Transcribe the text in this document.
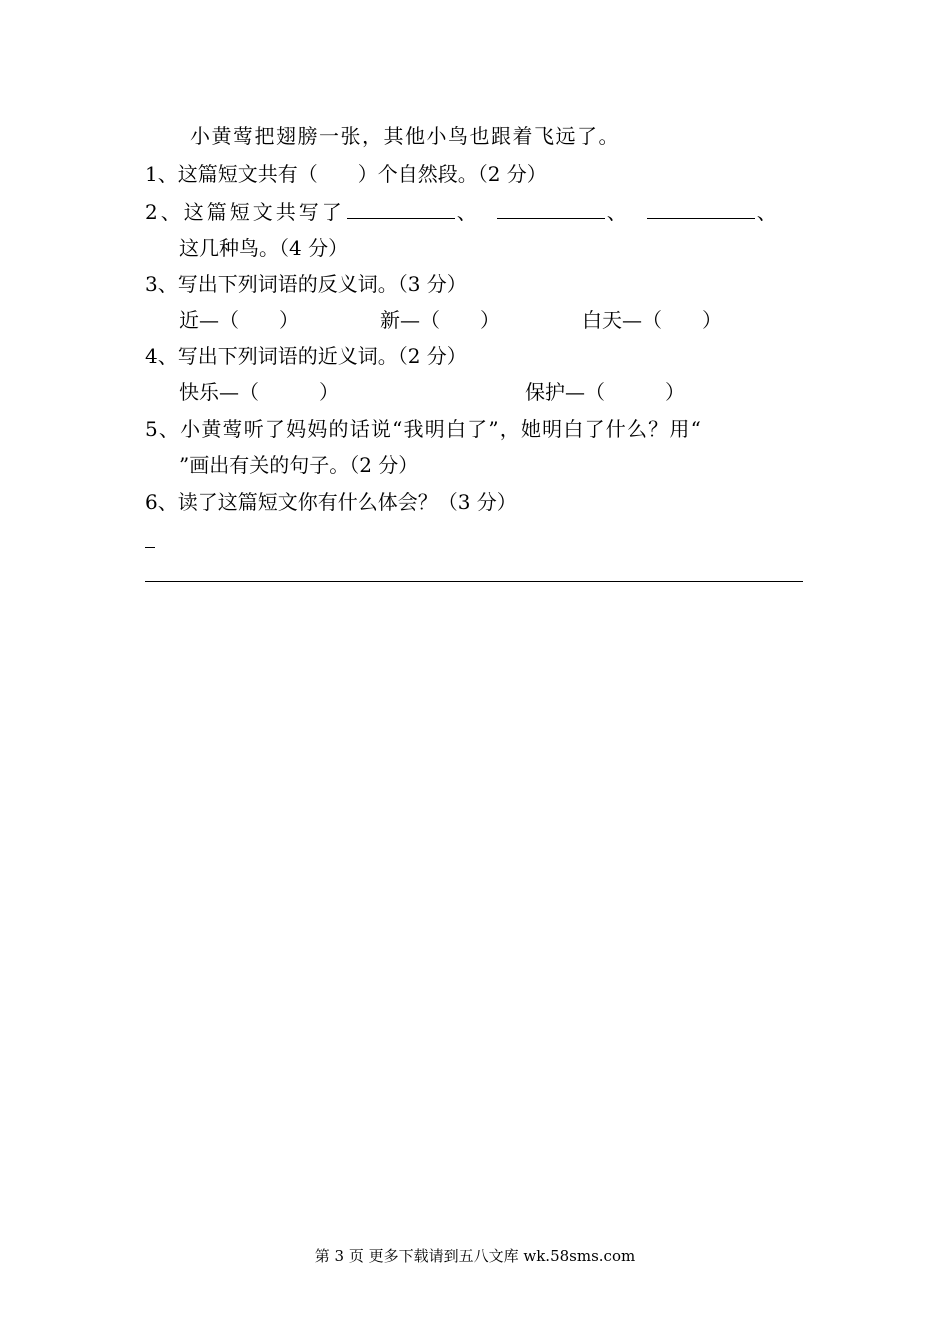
小黄莺把翅膀一张，其他小鸟也跟着飞远了。
1、这篇短文共有（　　）个自然段。（2 分）
2、这篇短文共写了	、	、	、
这几种鸟。（4 分）
3、写出下列词语的反义词。（3 分）
近—（　　）	新—（　　）	白天—（　　）
4、写出下列词语的近义词。（2 分）
快乐—（　　　）	保护—（　　　）
5、小黄莺听了妈妈的话说“我明白了”，她明白了什么？用“
”画出有关的句子。（2 分）
6、读了这篇短文你有什么体会？（3 分）
第 3 页 更多下载请到五八文库 wk.58sms.com
